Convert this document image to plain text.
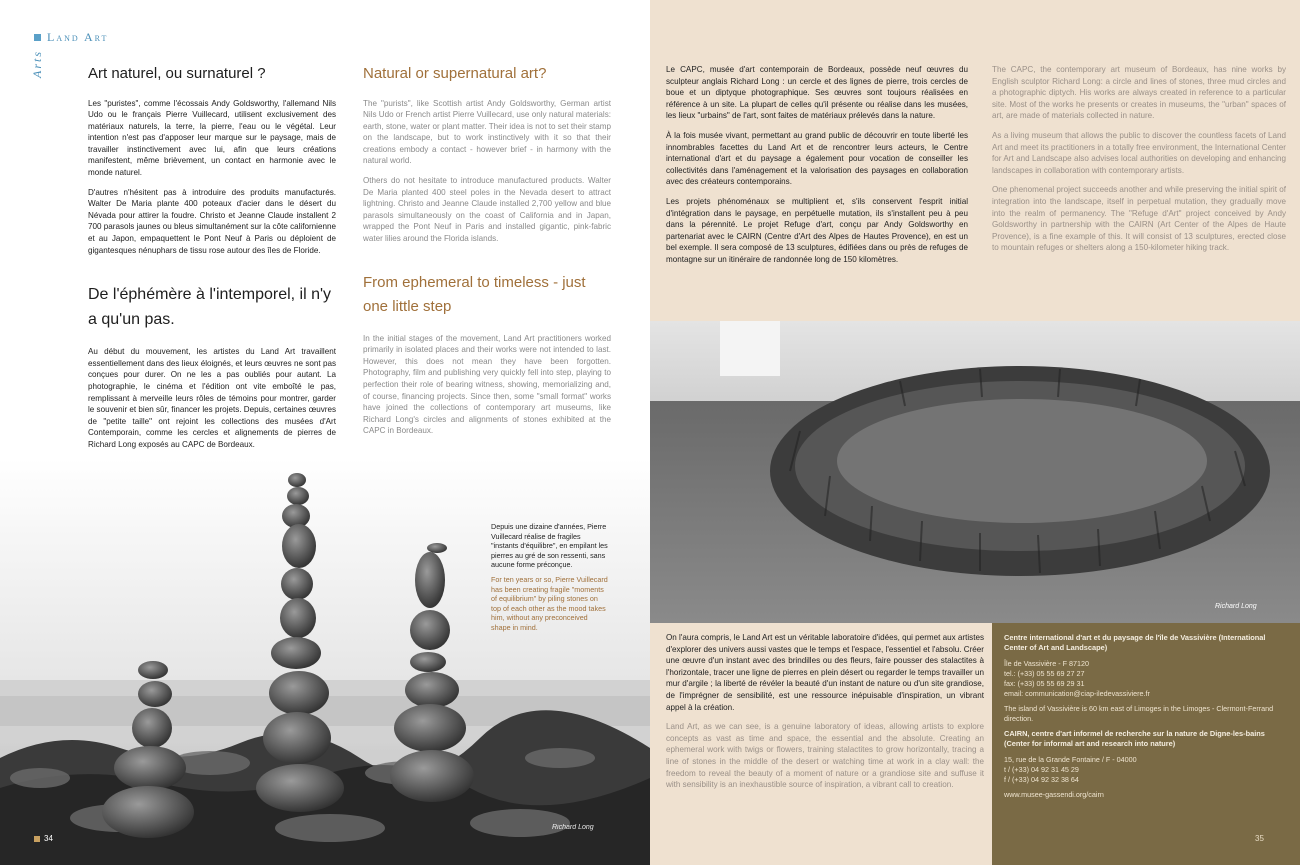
Land Art
Arts	Art naturel, ou surnaturel ?

Les "puristes", comme l'écossais Andy Goldsworthy, l'allemand Nils Udo ou le français Pierre Vuillecard, utilisent exclusivement des matériaux naturels, la terre, la pierre, l'eau ou le végétal. Leur intention n'est pas d'apposer leur marque sur le paysage, mais de travailler instinctivement avec lui, afin que leurs créations manifestent, même brièvement, un contact en harmonie avec le monde naturel.

D'autres n'hésitent pas à introduire des produits manufacturés. Walter De Maria plante 400 poteaux d'acier dans le désert du Névada pour attirer la foudre. Christo et Jeanne Claude installent 2 700 parasols jaunes ou bleus simultanément sur la côte californienne et au Japon, empaquettent le Pont Neuf à Paris ou déploient de gigantesques nénuphars de tissu rose autour des îles de Floride.

De l'éphémère à l'intemporel, il n'y a qu'un pas.

Au début du mouvement, les artistes du Land Art travaillent essentiellement dans des lieux éloignés, et leurs œuvres ne sont pas conçues pour durer. On ne les a pas oubliés pour autant. La photographie, le cinéma et l'édition ont vite emboîté le pas, remplissant à merveille leurs rôles de témoins pour montrer, garder le souvenir et bien sûr, financer les projets. Depuis, certaines œuvres de "petite taille" ont rejoint les collections des musées d'Art Contemporain, comme les cercles et alignements de pierres de Richard Long exposés au CAPC de Bordeaux.

Natural or supernatural art?

The "purists", like Scottish artist Andy Goldsworthy, German artist Nils Udo or French artist Pierre Vuillecard, use only natural materials: earth, stone, water or plant matter. Their idea is not to set their stamp on the landscape, but to work instinctively with it so that their creations embody a contact - however brief - in harmony with the natural world.

Others do not hesitate to introduce manufactured products. Walter De Maria planted 400 steel poles in the Nevada desert to attract lightning. Christo and Jeanne Claude installed 2,700 yellow and blue parasols simultaneously on the coast of California and in Japan, wrapped the Pont Neuf in Paris and installed gigantic, pink-fabric water lilies around the Florida islands.

From ephemeral to timeless - just one little step

In the initial stages of the movement, Land Art practitioners worked primarily in isolated places and their works were not intended to last. However, this does not mean they have been forgotten. Photography, film and publishing very quickly fell into step, playing to perfection their role of bearing witness, showing, memorializing and, of course, financing projects. Since then, some "small format" works have joined the collections of contemporary art museums, like Richard Long's circles and alignments of stones exhibited at the CAPC in Bordeaux.

Depuis une dizaine d'années, Pierre Vuillecard réalise de fragiles "instants d'équilibre", en empilant les pierres au gré de son ressenti, sans aucune forme préconçue.

For ten years or so, Pierre Vuillecard has been creating fragile "moments of equilibrium" by piling stones on top of each other as the mood takes him, without any preconceived shape in mind.

Richard Long
34

Le CAPC, musée d'art contemporain de Bordeaux, possède neuf œuvres du sculpteur anglais Richard Long : un cercle et des lignes de pierre, trois cercles de boue et un diptyque photographique. Ses œuvres sont toujours réalisées en référence à un site. La plupart de celles qu'il présente ou réalise dans les musées, les lieux "urbains" de l'art, sont faites de matériaux prélevés dans la nature.

À la fois musée vivant, permettant au grand public de découvrir en toute liberté les innombrables facettes du Land Art et de rencontrer leurs acteurs, le Centre international d'art et du paysage a également pour vocation de conseiller les collectivités dans l'aménagement et la valorisation des paysages en collaboration avec des créateurs contemporains.

Les projets phénoménaux se multiplient et, s'ils conservent l'esprit initial d'intégration dans le paysage, en perpétuelle mutation, ils s'installent peu à peu dans la pérennité. Le projet Refuge d'art, conçu par Andy Goldsworthy en partenariat avec le CAIRN (Centre d'Art des Alpes de Hautes Provence), en est un bel exemple. Il sera composé de 13 sculptures, édifiées dans ou près de refuges de montagne sur un itinéraire de randonnée long de 150 kilomètres.

The CAPC, the contemporary art museum of Bordeaux, has nine works by English sculptor Richard Long: a circle and lines of stones, three mud circles and a photographic diptych. His works are always created in reference to a particular site. Most of the works he presents or creates in museums, the "urban" spaces of art, are made of materials collected in nature.

As a living museum that allows the public to discover the countless facets of Land Art and meet its practitioners in a totally free environment, the International Center for Art and Landscape also advises local authorities on developing and enhancing landscapes in collaboration with contemporary artists.

One phenomenal project succeeds another and while preserving the initial spirit of integration into the landscape, itself in perpetual mutation, they gradually move into the realm of permanency. The "Refuge d'Art" project conceived by Andy Goldsworthy in partnership with the CAIRN (Art Center of the Alpes de Haute Provence), is a fine example of this. It will consist of 13 sculptures, erected close to mountain refuges or shelters along a 150-kilometer hiking track.

Richard Long

On l'aura compris, le Land Art est un véritable laboratoire d'idées, qui permet aux artistes d'explorer des univers aussi vastes que le temps et l'espace, l'essentiel et l'absolu. Créer une œuvre d'un instant avec des brindilles ou des fleurs, faire pousser des stalactites à l'horizontale, tracer une ligne de pierres en plein désert ou regarder le temps travailler un mur d'argile ; la liberté de révéler la beauté d'un instant de nature ou d'un site grandiose, de l'imprégner de sensibilité, est une ressource inépuisable d'inspiration, un vibrant appel à la création.

Land Art, as we can see, is a genuine laboratory of ideas, allowing artists to explore concepts as vast as time and space, the essential and the absolute. Creating an ephemeral work with twigs or flowers, training stalactites to grow horizontally, tracing a line of stones in the middle of the desert or watching time at work in a clay wall: the freedom to reveal the beauty of a moment of nature or a grandiose site and suffuse it with sensibility is an inexhaustible source of inspiration, a vibrant call to creation.

Centre international d'art et du paysage de l'île de Vassivière (International Center of Art and Landscape)
Île de Vassivière - F 87120
tel.: (+33) 05 55 69 27 27
fax: (+33) 05 55 69 29 31
email: communication@ciap-iledevassiviere.fr
The island of Vassivière is 60 km east of Limoges in the Limoges - Clermont-Ferrand direction.
CAIRN, centre d'art informel de recherche sur la nature de Digne-les-bains (Center for informal art and research into nature)
15, rue de la Grande Fontaine / F - 04000
t / (+33) 04 92 31 45 29
f / (+33) 04 92 32 38 64
www.musee-gassendi.org/cairn
35
